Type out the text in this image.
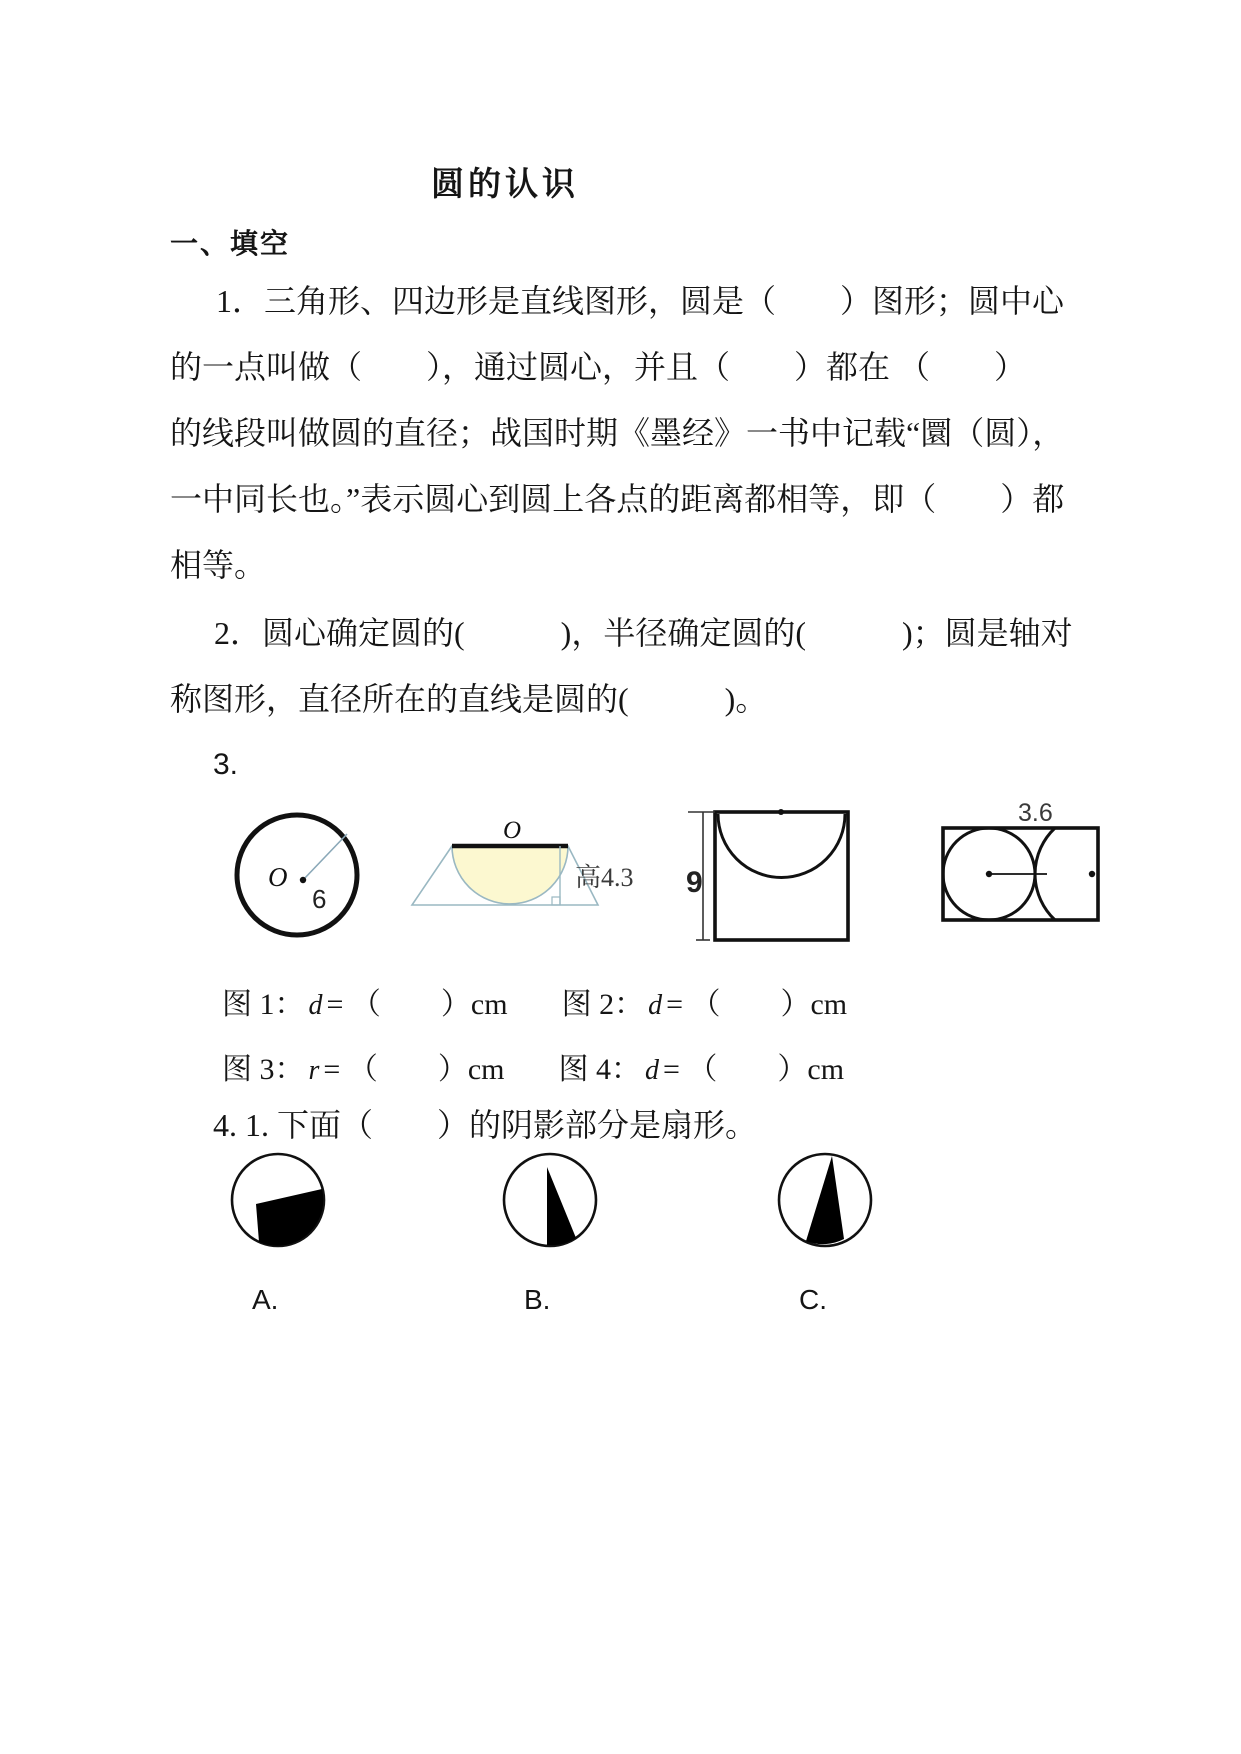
圆的认识
一、填空
1．三角形、四边形是直线图形，圆是（　　）图形；圆中心
的一点叫做（　　），通过圆心，并且（　　）都在 （　　）
的线段叫做圆的直径；战国时期《墨经》一书中记载“圜（圆），
一中同长也。”表示圆心到圆上各点的距离都相等，即（　　）都
相等。
2．圆心确定圆的(　　　)，半径确定圆的(　　　)；圆是轴对
称图形，直径所在的直线是圆的(　　　)。
3.
O
6
O
高4.3 9
3.6
图 1： d = （　　）cm 图 2： d = （　　）cm
图 3： r = （　　）cm 图 4： d = （　　）cm
4. 1. 下面（　　）的阴影部分是扇形。
A.	B.	C.
